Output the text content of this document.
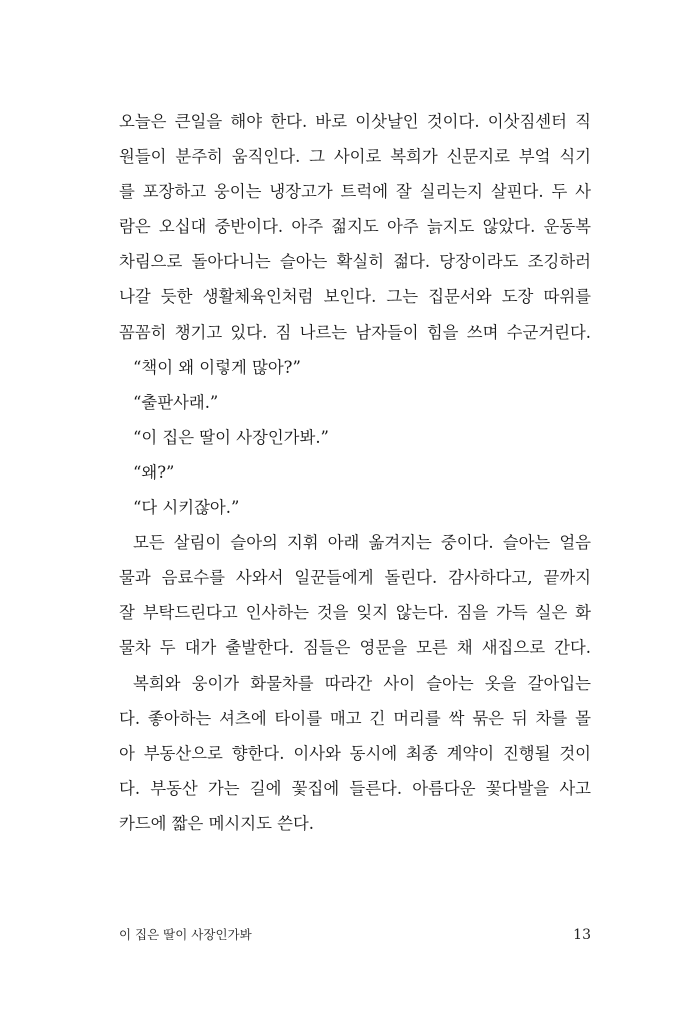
오늘은 큰일을 해야 한다. 바로 이삿날인 것이다. 이삿짐센터 직
원들이 분주히 움직인다. 그 사이로 복희가 신문지로 부엌 식기
를 포장하고 웅이는 냉장고가 트럭에 잘 실리는지 살핀다. 두 사
람은 오십대 중반이다. 아주 젊지도 아주 늙지도 않았다. 운동복
차림으로 돌아다니는 슬아는 확실히 젊다. 당장이라도 조깅하러
나갈 듯한 생활체육인처럼 보인다. 그는 집문서와 도장 따위를
꼼꼼히 챙기고 있다. 짐 나르는 남자들이 힘을 쓰며 수군거린다.
“책이 왜 이렇게 많아?”
“출판사래.”
“이 집은 딸이 사장인가봐.”
“왜?”
“다 시키잖아.”
모든 살림이 슬아의 지휘 아래 옮겨지는 중이다. 슬아는 얼음
물과 음료수를 사와서 일꾼들에게 돌린다. 감사하다고, 끝까지
잘 부탁드린다고 인사하는 것을 잊지 않는다. 짐을 가득 실은 화
물차 두 대가 출발한다. 짐들은 영문을 모른 채 새집으로 간다.
복희와 웅이가 화물차를 따라간 사이 슬아는 옷을 갈아입는
다. 좋아하는 셔츠에 타이를 매고 긴 머리를 싹 묶은 뒤 차를 몰
아 부동산으로 향한다. 이사와 동시에 최종 계약이 진행될 것이
다. 부동산 가는 길에 꽃집에 들른다. 아름다운 꽃다발을 사고
카드에 짧은 메시지도 쓴다.
이 집은 딸이 사장인가봐	13
